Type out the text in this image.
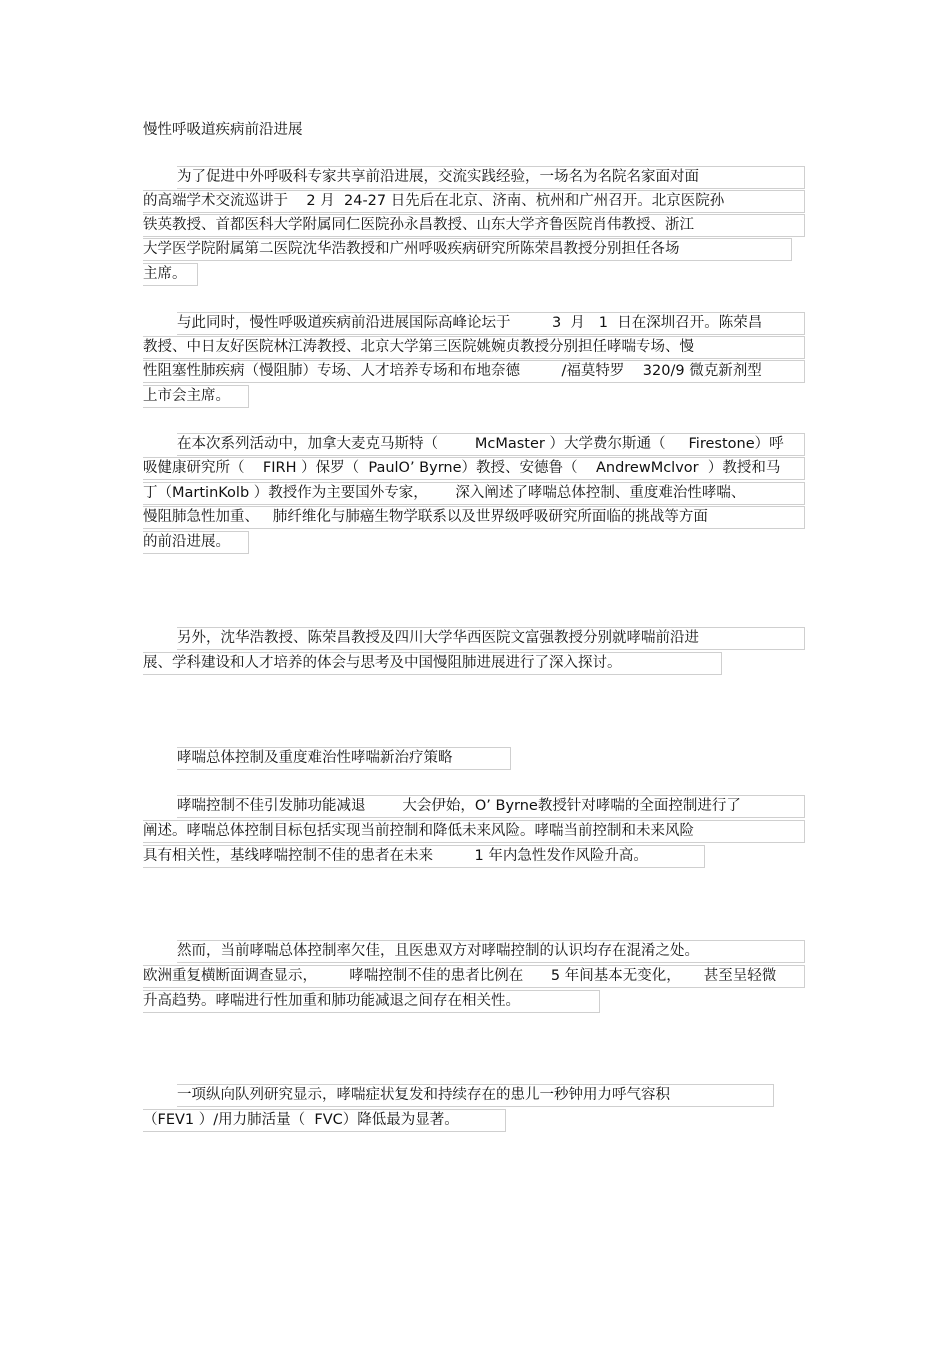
慢性呼吸道疾病前沿进展
为了促进中外呼吸科专家共享前沿进展，交流实践经验，一场名为名院名家面对面
的高端学术交流巡讲于    2 月  24-27 日先后在北京、济南、杭州和广州召开。北京医院孙
铁英教授、首都医科大学附属同仁医院孙永昌教授、山东大学齐鲁医院肖伟教授、浙江
大学医学院附属第二医院沈华浩教授和广州呼吸疾病研究所陈荣昌教授分别担任各场
主席。
与此同时，慢性呼吸道疾病前沿进展国际高峰论坛于         3  月   1  日在深圳召开。陈荣昌
教授、中日友好医院林江涛教授、北京大学第三医院姚婉贞教授分别担任哮喘专场、慢
性阻塞性肺疾病（慢阻肺）专场、人才培养专场和布地奈德         /福莫特罗    320/9 微克新剂型
上市会主席。
在本次系列活动中，加拿大麦克马斯特（        McMaster ）大学费尔斯通（     Firestone）呼
吸健康研究所（    FIRH ）保罗（  PaulO’ Byrne）教授、安德鲁（    AndrewMclvor  ）教授和马
丁（MartinKolb ）教授作为主要国外专家，      深入阐述了哮喘总体控制、重度难治性哮喘、
慢阻肺急性加重、   肺纤维化与肺癌生物学联系以及世界级呼吸研究所面临的挑战等方面
的前沿进展。
另外，沈华浩教授、陈荣昌教授及四川大学华西医院文富强教授分别就哮喘前沿进
展、学科建设和人才培养的体会与思考及中国慢阻肺进展进行了深入探讨。
哮喘总体控制及重度难治性哮喘新治疗策略
哮喘控制不佳引发肺功能减退        大会伊始，O’ Byrne教授针对哮喘的全面控制进行了
阐述。哮喘总体控制目标包括实现当前控制和降低未来风险。哮喘当前控制和未来风险
具有相关性，基线哮喘控制不佳的患者在未来         1 年内急性发作风险升高。
然而，当前哮喘总体控制率欠佳，且医患双方对哮喘控制的认识均存在混淆之处。
欧洲重复横断面调查显示，       哮喘控制不佳的患者比例在      5 年间基本无变化，     甚至呈轻微
升高趋势。哮喘进行性加重和肺功能减退之间存在相关性。
一项纵向队列研究显示，哮喘症状复发和持续存在的患儿一秒钟用力呼气容积
（FEV1 ）/用力肺活量（  FVC）降低最为显著。
